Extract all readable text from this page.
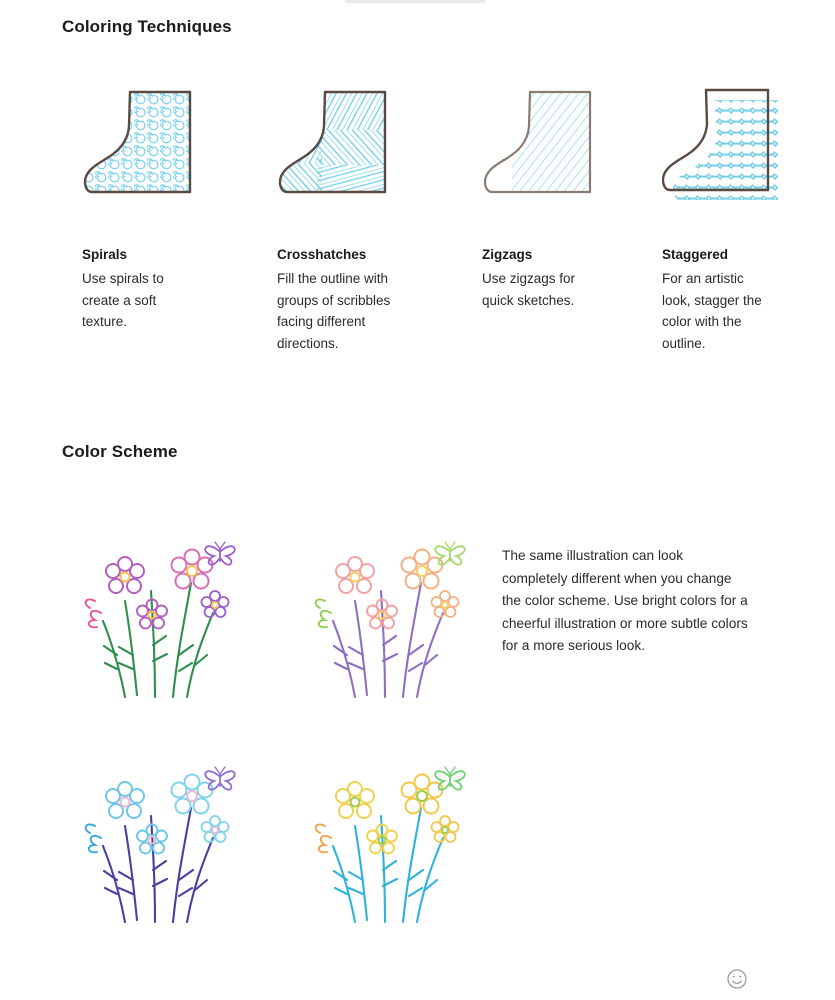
Coloring Techniques
Spirals
Use spirals to create a soft texture.
Crosshatches
Fill the outline with groups of scribbles facing different directions.
Zigzags
Use zigzags for quick sketches.
Staggered
For an artistic look, stagger the color with the outline.
Color Scheme
The same illustration can look completely different when you change the color scheme. Use bright colors for a cheerful illustration or more subtle colors for a more serious look.
